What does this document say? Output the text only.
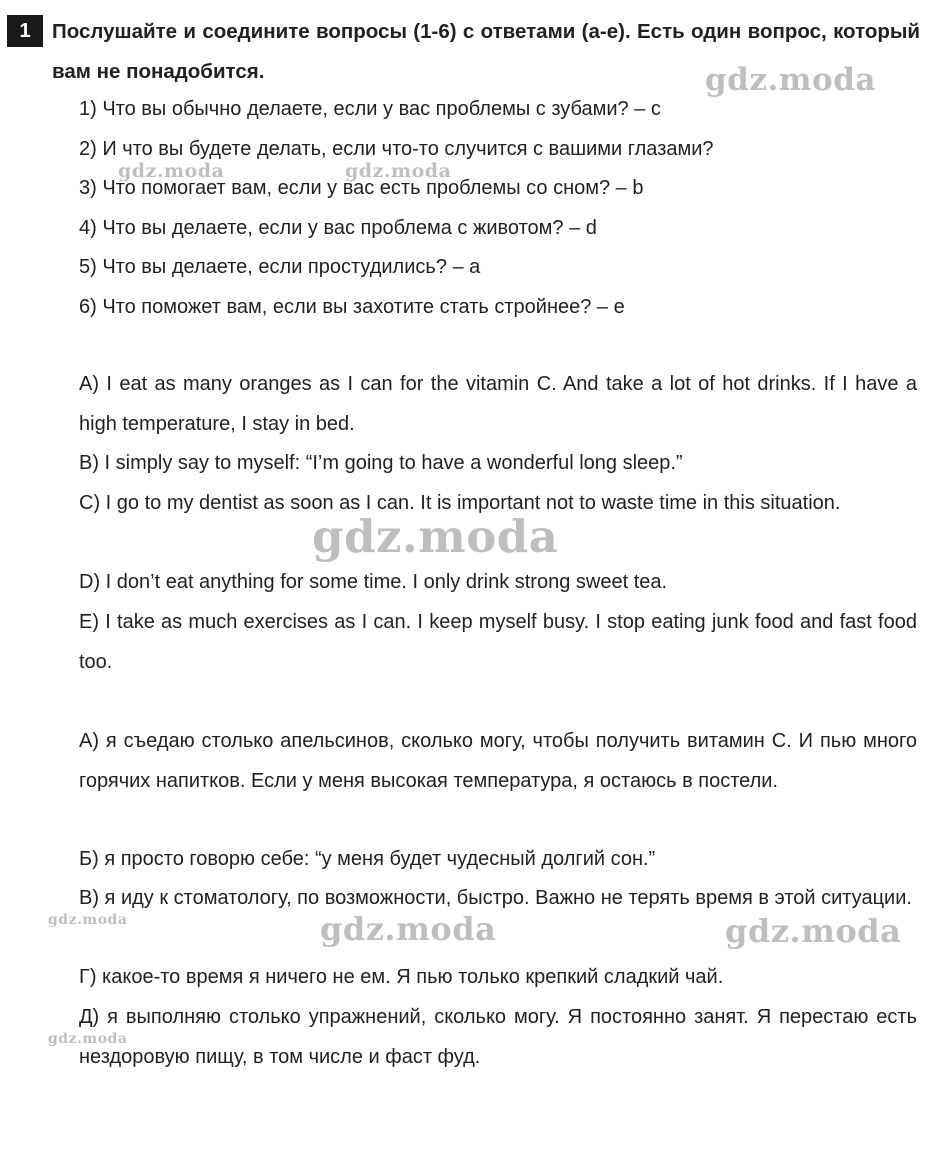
1	Послушайте и соедините вопросы (1-6) с ответами (a-e). Есть один вопрос, который вам не понадобится.

1) Что вы обычно делаете, если у вас проблемы с зубами? – c

2) И что вы будете делать, если что-то случится с вашими глазами?

3) Что помогает вам, если у вас есть проблемы со сном? – b

4) Что вы делаете, если у вас проблема с животом? – d

5) Что вы делаете, если простудились? – a

6) Что поможет вам, если вы захотите стать стройнее? – e

A) I eat as many oranges as I can for the vitamin C. And take a lot of hot drinks. If I have a high temperature, I stay in bed.

B) I simply say to myself: “I’m going to have a wonderful long sleep.”

C) I go to my dentist as soon as I can. It is important not to waste time in this situation.

D) I don’t eat anything for some time. I only drink strong sweet tea.

E) I take as much exercises as I can. I keep myself busy. I stop eating junk food and fast food too.

А) я съедаю столько апельсинов, сколько могу, чтобы получить витамин С. И пью много горячих напитков. Если у меня высокая температура, я остаюсь в постели.

Б) я просто говорю себе: “у меня будет чудесный долгий сон.”

В) я иду к стоматологу, по возможности, быстро. Важно не терять время в этой ситуации.

Г) какое-то время я ничего не ем. Я пью только крепкий сладкий чай.

Д) я выполняю столько упражнений, сколько могу. Я постоянно занят. Я перестаю есть нездоровую пищу, в том числе и фаст фуд.

gdz.moda
gdz.moda	gdz.moda
gdz.moda
gdz.moda	gdz.moda	gdz.moda
gdz.moda
